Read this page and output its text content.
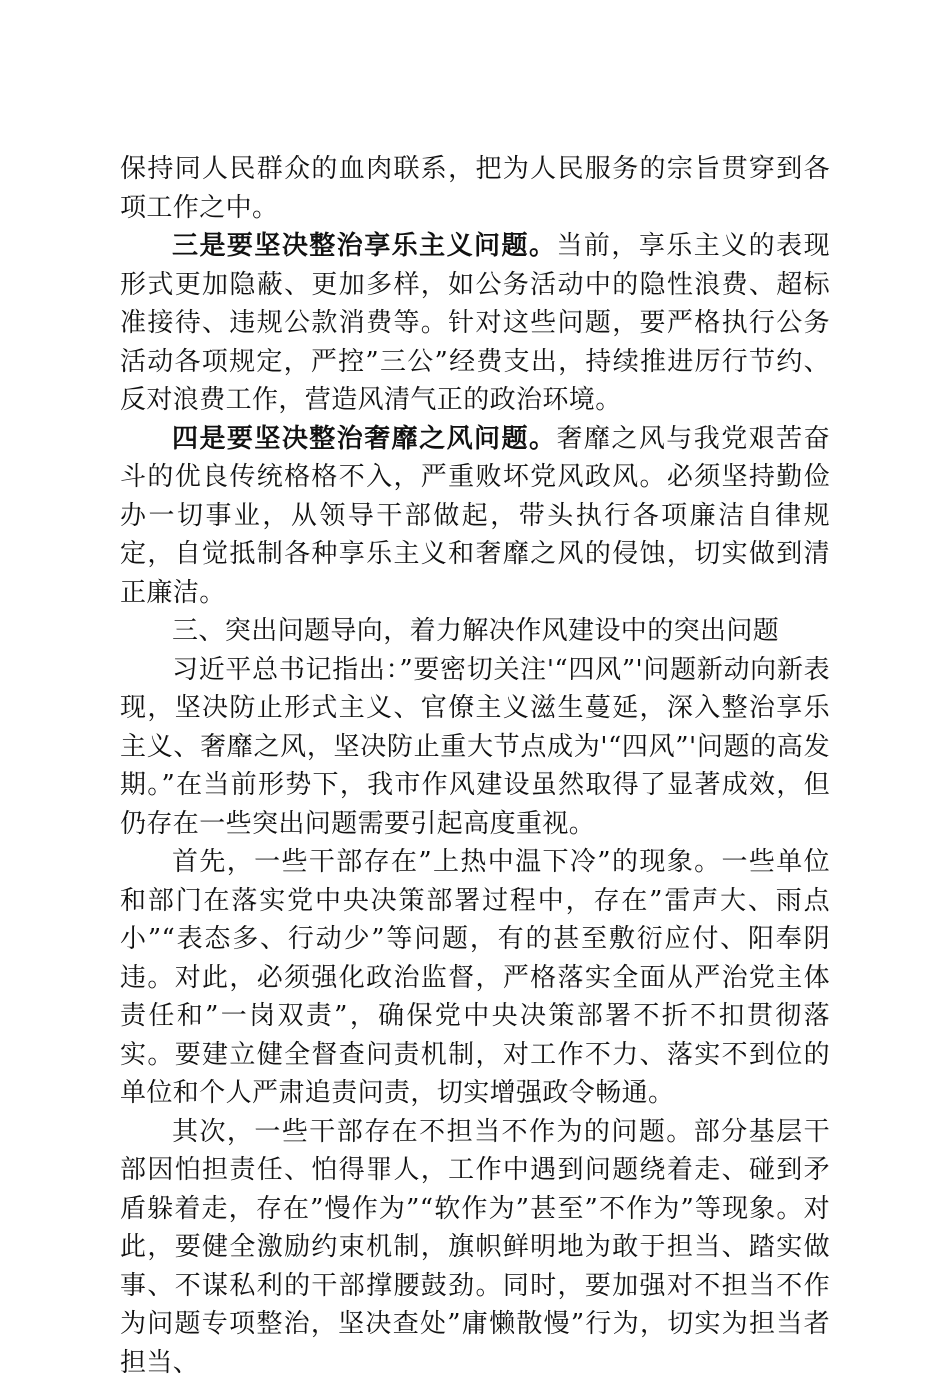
保持同人民群众的血肉联系，把为人民服务的宗旨贯穿到各项工作之中。

三是要坚决整治享乐主义问题。当前，享乐主义的表现形式更加隐蔽、更加多样，如公务活动中的隐性浪费、超标准接待、违规公款消费等。针对这些问题，要严格执行公务活动各项规定，严控”三公”经费支出，持续推进厉行节约、反对浪费工作，营造风清气正的政治环境。

四是要坚决整治奢靡之风问题。奢靡之风与我党艰苦奋斗的优良传统格格不入，严重败坏党风政风。必须坚持勤俭办一切事业，从领导干部做起，带头执行各项廉洁自律规定，自觉抵制各种享乐主义和奢靡之风的侵蚀，切实做到清正廉洁。

三、突出问题导向，着力解决作风建设中的突出问题

习近平总书记指出：”要密切关注'“四风”'问题新动向新表现，坚决防止形式主义、官僚主义滋生蔓延，深入整治享乐主义、奢靡之风，坚决防止重大节点成为'“四风”'问题的高发期。”在当前形势下，我市作风建设虽然取得了显著成效，但仍存在一些突出问题需要引起高度重视。

首先，一些干部存在”上热中温下冷”的现象。一些单位和部门在落实党中央决策部署过程中，存在”雷声大、雨点小”“表态多、行动少”等问题，有的甚至敷衍应付、阳奉阴违。对此，必须强化政治监督，严格落实全面从严治党主体责任和”一岗双责”，确保党中央决策部署不折不扣贯彻落实。要建立健全督查问责机制，对工作不力、落实不到位的单位和个人严肃追责问责，切实增强政令畅通。

其次，一些干部存在不担当不作为的问题。部分基层干部因怕担责任、怕得罪人，工作中遇到问题绕着走、碰到矛盾躲着走，存在”慢作为”“软作为”甚至”不作为”等现象。对此，要健全激励约束机制，旗帜鲜明地为敢于担当、踏实做事、不谋私利的干部撑腰鼓劲。同时，要加强对不担当不作为问题专项整治，坚决查处”庸懒散慢”行为，切实为担当者担当、
